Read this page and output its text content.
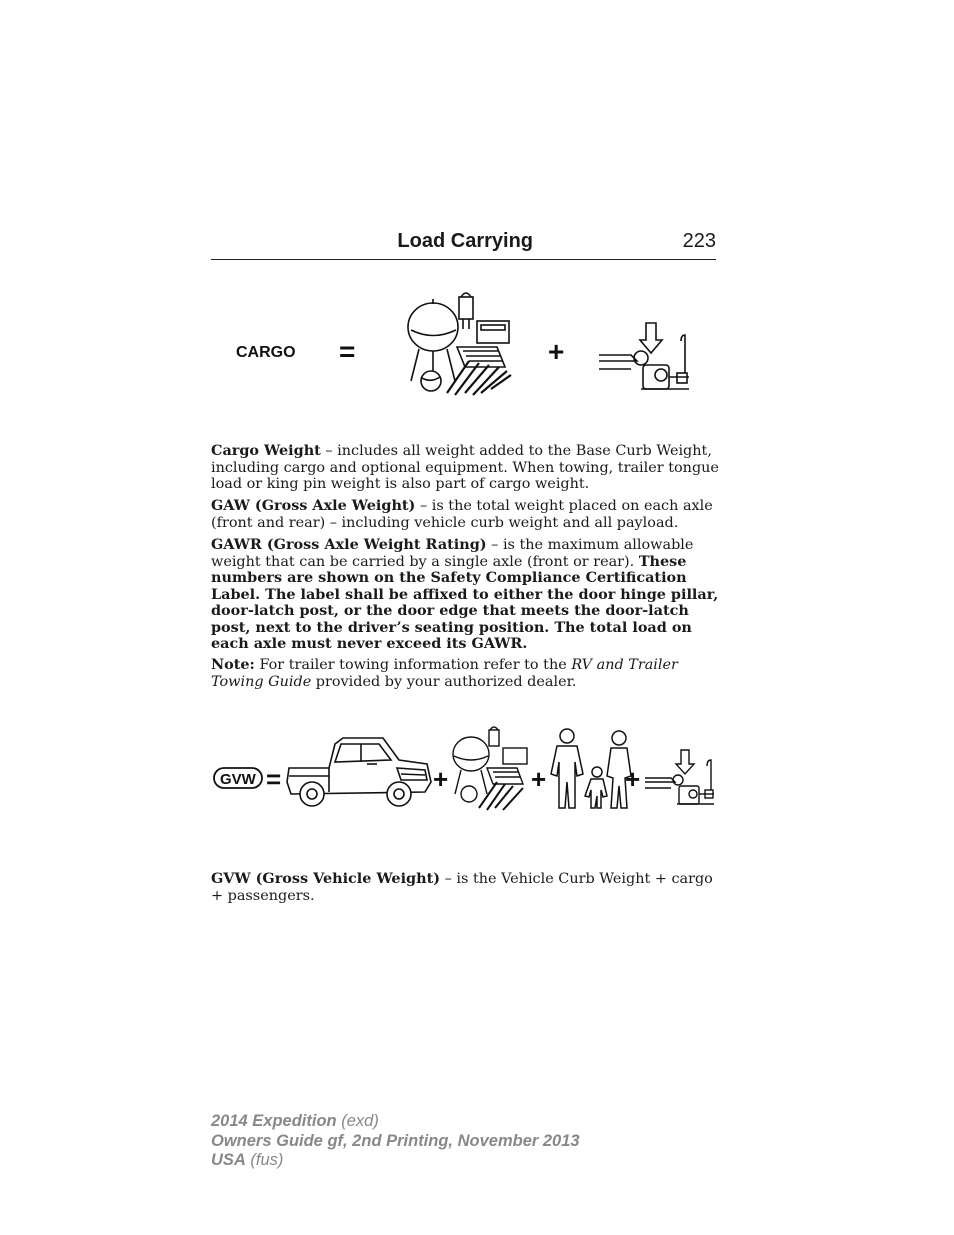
Load Carrying	223
CARGO =	+

Cargo Weight – includes all weight added to the Base Curb Weight, including cargo and optional equipment. When towing, trailer tongue load or king pin weight is also part of cargo weight.

GAW (Gross Axle Weight) – is the total weight placed on each axle (front and rear) – including vehicle curb weight and all payload.

GAWR (Gross Axle Weight Rating) – is the maximum allowable weight that can be carried by a single axle (front or rear). These numbers are shown on the Safety Compliance Certification Label. The label shall be affixed to either the door hinge pillar, door-latch post, or the door edge that meets the door-latch post, next to the driver’s seating position. The total load on each axle must never exceed its GAWR.

Note: For trailer towing information refer to the RV and Trailer Towing Guide provided by your authorized dealer.

GVW =	+	+	+

GVW (Gross Vehicle Weight) – is the Vehicle Curb Weight + cargo + passengers.

2014 Expedition (exd)
Owners Guide gf, 2nd Printing, November 2013
USA (fus)
